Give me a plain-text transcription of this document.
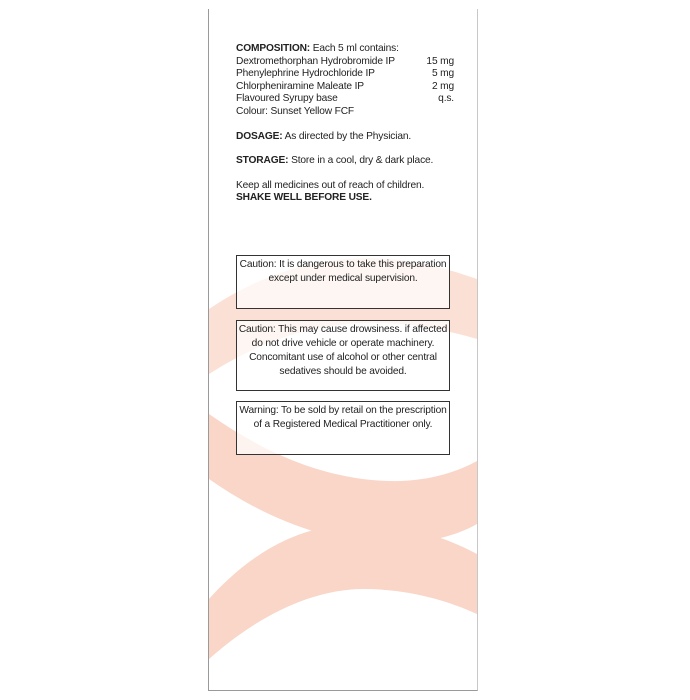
COMPOSITION: Each 5 ml contains:
Dextromethorphan Hydrobromide IP	15 mg
Phenylephrine Hydrochloride IP	5 mg
Chlorpheniramine Maleate IP	2 mg
Flavoured Syrupy base	q.s.
Colour: Sunset Yellow FCF
DOSAGE: As directed by the Physician.
STORAGE: Store in a cool, dry & dark place.
Keep all medicines out of reach of children.
SHAKE WELL BEFORE USE.
Caution: It is dangerous to take this preparation except under medical supervision.
Caution: This may cause drowsiness. if affected do not drive vehicle or operate machinery. Concomitant use of alcohol or other central sedatives should be avoided.
Warning: To be sold by retail on the prescription of a Registered Medical Practitioner only.
